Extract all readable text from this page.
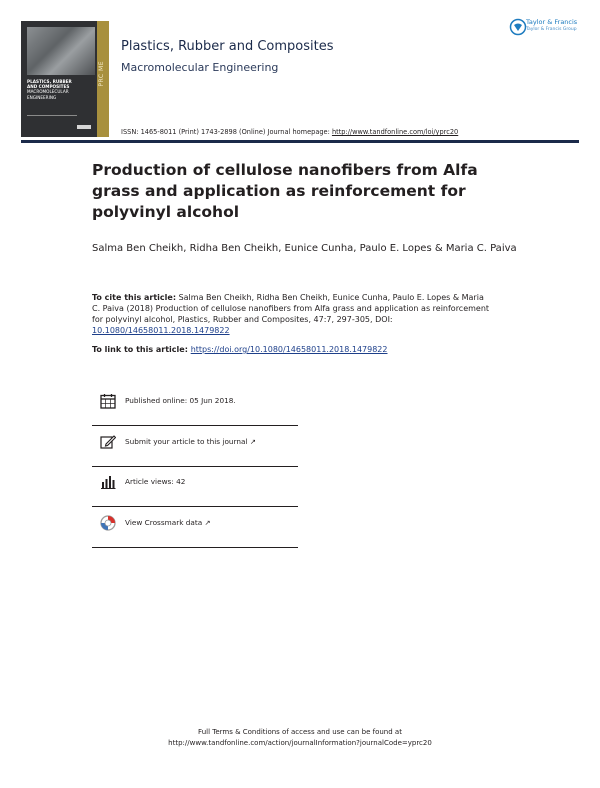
PLASTICS, RUBBER
AND COMPOSITES
MACROMOLECULAR
ENGINEERING
PRC ME
Plastics, Rubber and Composites
Macromolecular Engineering
Taylor & Francis
Taylor & Francis Group
ISSN: 1465-8011 (Print) 1743-2898 (Online) Journal homepage: http://www.tandfonline.com/loi/yprc20
Production of cellulose nanofibers from Alfa grass and application as reinforcement for polyvinyl alcohol
Salma Ben Cheikh, Ridha Ben Cheikh, Eunice Cunha, Paulo E. Lopes & Maria C. Paiva
To cite this article: Salma Ben Cheikh, Ridha Ben Cheikh, Eunice Cunha, Paulo E. Lopes & Maria C. Paiva (2018) Production of cellulose nanofibers from Alfa grass and application as reinforcement for polyvinyl alcohol, Plastics, Rubber and Composites, 47:7, 297-305, DOI: 10.1080/14658011.2018.1479822
To link to this article: https://doi.org/10.1080/14658011.2018.1479822
Published online: 05 Jun 2018.
Submit your article to this journal ↗
Article views: 42
View Crossmark data ↗
Full Terms & Conditions of access and use can be found at
http://www.tandfonline.com/action/journalInformation?journalCode=yprc20
